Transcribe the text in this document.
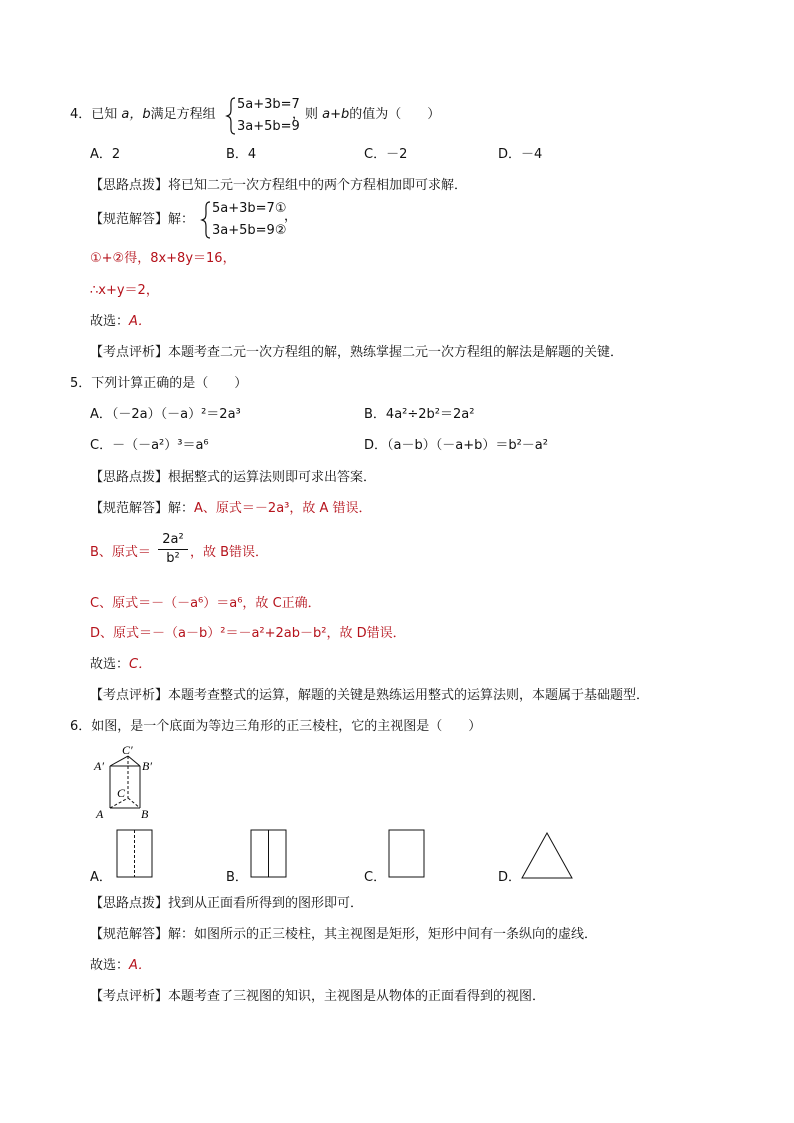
4．已知 a，b满足方程组
5a+3b=7
3a+5b=9
，则 a+b的值为（　　）
A．2	B．4	C．－2	D．－4
【思路点拨】将已知二元一次方程组中的两个方程相加即可求解．
【规范解答】解：
5a+3b=7①
3a+5b=9②
，
①+②得，8x+8y＝16，
∴x+y＝2，
故选：A．
【考点评析】本题考查二元一次方程组的解，熟练掌握二元一次方程组的解法是解题的关键．
5．下列计算正确的是（　　）
A．（－2a）（－a）²＝2a³	B．4a²÷2b²＝2a²
C．－（－a²）³＝a⁶	D．（a－b）（－a+b）＝b²－a²
【思路点拨】根据整式的运算法则即可求出答案．
【规范解答】解：A、原式＝－2a³，故 A 错误．
B、原式＝
2a²
b² ，故 B错误．
C、原式＝－（－a⁶）＝a⁶，故 C正确．
D、原式＝－（a－b）²＝－a²+2ab－b²，故 D错误．
故选：C．
【考点评析】本题考查整式的运算，解题的关键是熟练运用整式的运算法则，本题属于基础题型．
6．如图，是一个底面为等边三角形的正三棱柱，它的主视图是（　　）
C′
A′	B′
C
A	B
A．	B．	C．	D．
【思路点拨】找到从正面看所得到的图形即可．
【规范解答】解：如图所示的正三棱柱，其主视图是矩形，矩形中间有一条纵向的虚线．
故选：A．
【考点评析】本题考查了三视图的知识，主视图是从物体的正面看得到的视图．
